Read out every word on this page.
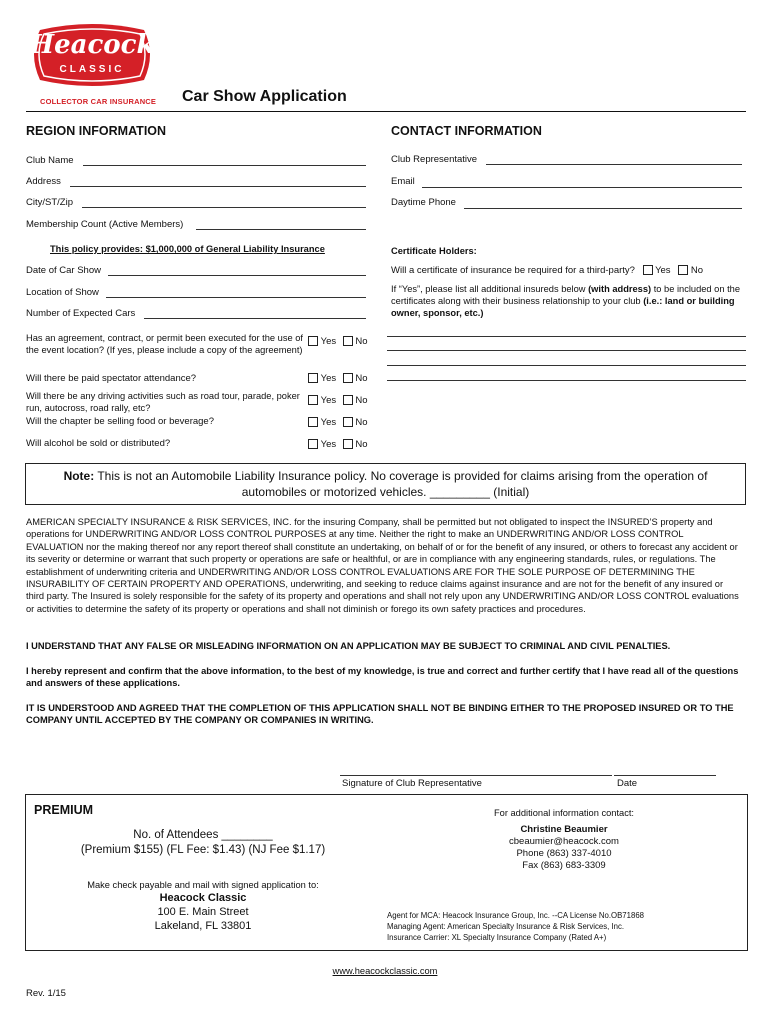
Heacock
CLASSIC
COLLECTOR CAR INSURANCE Car Show Application
REGION INFORMATION	CONTACT INFORMATION
Club Name
Address
City/ST/Zip
Membership Count (Active Members)
Club Representative
Email
Daytime Phone
This policy provides: $1,000,000 of General Liability Insurance
Date of Car Show
Location of Show
Number of Expected Cars
Certificate Holders:
Will a certificate of insurance be required for a third-party? Yes No
If “Yes”, please list all additional insureds below (with address) to be included on the certificates along with their business relationship to your club (i.e.: land or building owner, sponsor, etc.)
Has an agreement, contract, or permit been executed for the use of the event location? (If yes, please include a copy of the agreement)
Yes No
Will there be paid spectator attendance?	Yes No
Will there be any driving activities such as road tour, parade, poker run, autocross, road rally, etc?
Yes No
Will the chapter be selling food or beverage?	Yes No
Will alcohol be sold or distributed?	Yes No
Note: This is not an Automobile Liability Insurance policy. No coverage is provided for claims arising from the operation of
automobiles or motorized vehicles. _________ (Initial)
AMERICAN SPECIALTY INSURANCE & RISK SERVICES, INC. for the insuring Company, shall be permitted but not obligated to inspect the INSURED’S property and operations for UNDERWRITING AND/OR LOSS CONTROL PURPOSES at any time. Neither the right to make an UNDERWRITING AND/OR LOSS CONTROL EVALUATION nor the making thereof nor any report thereof shall constitute an undertaking, on behalf of or for the benefit of any insured, or others to forecast any accident or its severity or determine or warrant that such property or operations are safe or healthful, or are in compliance with any engineering standards, rules, or regulations. The establishment of underwriting criteria and UNDERWRITING AND/OR LOSS CONTROL EVALUATIONS ARE FOR THE SOLE PURPOSE OF DETERMINING THE INSURABILITY OF CERTAIN PROPERTY AND OPERATIONS, underwriting, and seeking to reduce claims against insurance and are not for the benefit of any insured or third party. The Insured is solely responsible for the safety of its property and operations and shall not rely upon any UNDERWRITING AND/OR LOSS CONTROL evaluations or activities to determine the safety of its property or operations and shall not diminish or forego its own safety practices and procedures.
I UNDERSTAND THAT ANY FALSE OR MISLEADING INFORMATION ON AN APPLICATION MAY BE SUBJECT TO CRIMINAL AND CIVIL PENALTIES.
I hereby represent and confirm that the above information, to the best of my knowledge, is true and correct and further certify that I have read all of the questions and answers of these applications.
IT IS UNDERSTOOD AND AGREED THAT THE COMPLETION OF THIS APPLICATION SHALL NOT BE BINDING EITHER TO THE PROPOSED INSURED OR TO THE COMPANY UNTIL ACCEPTED BY THE COMPANY OR COMPANIES IN WRITING.
Signature of Club Representative	Date
PREMIUM
No. of Attendees ________
(Premium $155) (FL Fee: $1.43) (NJ Fee $1.17)
Make check payable and mail with signed application to:
Heacock Classic
100 E. Main Street
Lakeland, FL 33801
For additional information contact:
Christine Beaumier
cbeaumier@heacock.com
Phone (863) 337-4010
Fax (863) 683-3309
Agent for MCA: Heacock Insurance Group, Inc. --CA License No.OB71868
Managing Agent: American Specialty Insurance & Risk Services, Inc.
Insurance Carrier: XL Specialty Insurance Company (Rated A+)
www.heacockclassic.com
Rev. 1/15
